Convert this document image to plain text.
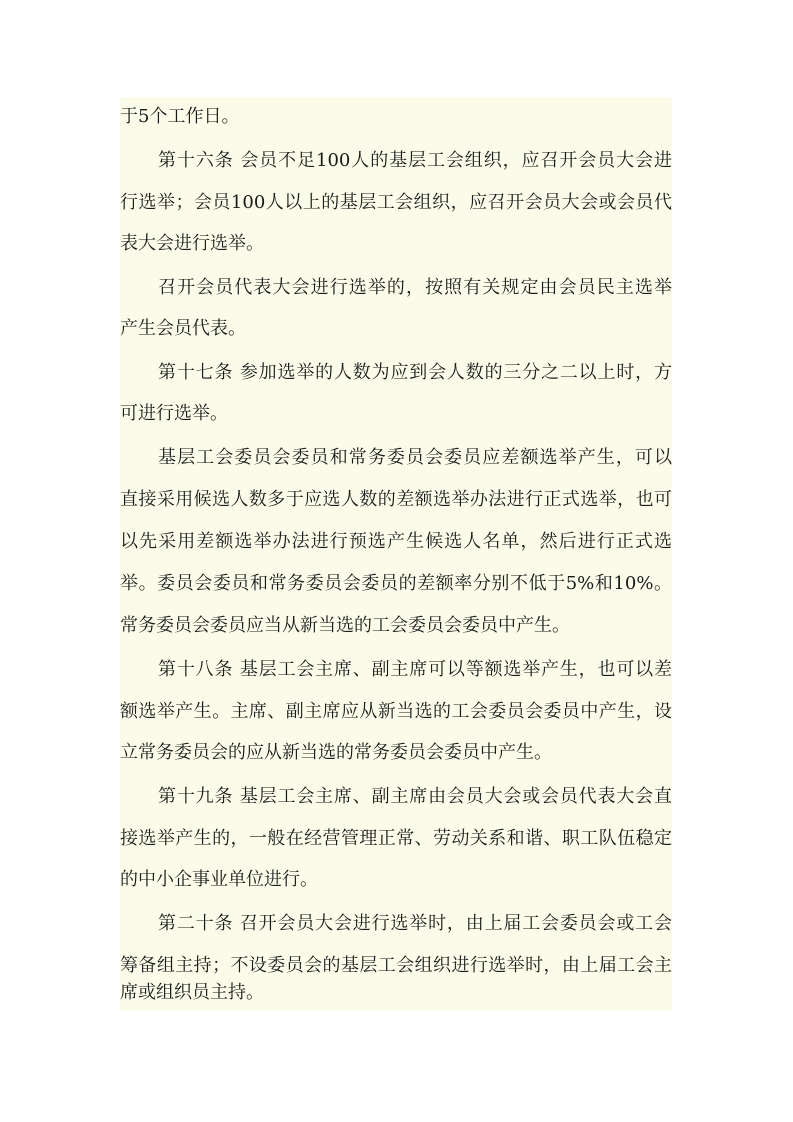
于5个工作日。
第十六条 会员不足100人的基层工会组织，应召开会员大会进
行选举；会员100人以上的基层工会组织，应召开会员大会或会员代
表大会进行选举。
召开会员代表大会进行选举的，按照有关规定由会员民主选举
产生会员代表。
第十七条 参加选举的人数为应到会人数的三分之二以上时，方
可进行选举。
基层工会委员会委员和常务委员会委员应差额选举产生，可以
直接采用候选人数多于应选人数的差额选举办法进行正式选举，也可
以先采用差额选举办法进行预选产生候选人名单，然后进行正式选
举。委员会委员和常务委员会委员的差额率分别不低于5%和10%。
常务委员会委员应当从新当选的工会委员会委员中产生。
第十八条 基层工会主席、副主席可以等额选举产生，也可以差
额选举产生。主席、副主席应从新当选的工会委员会委员中产生，设
立常务委员会的应从新当选的常务委员会委员中产生。
第十九条 基层工会主席、副主席由会员大会或会员代表大会直
接选举产生的，一般在经营管理正常、劳动关系和谐、职工队伍稳定
的中小企事业单位进行。
第二十条 召开会员大会进行选举时，由上届工会委员会或工会
筹备组主持；不设委员会的基层工会组织进行选举时，由上届工会主
席或组织员主持。
